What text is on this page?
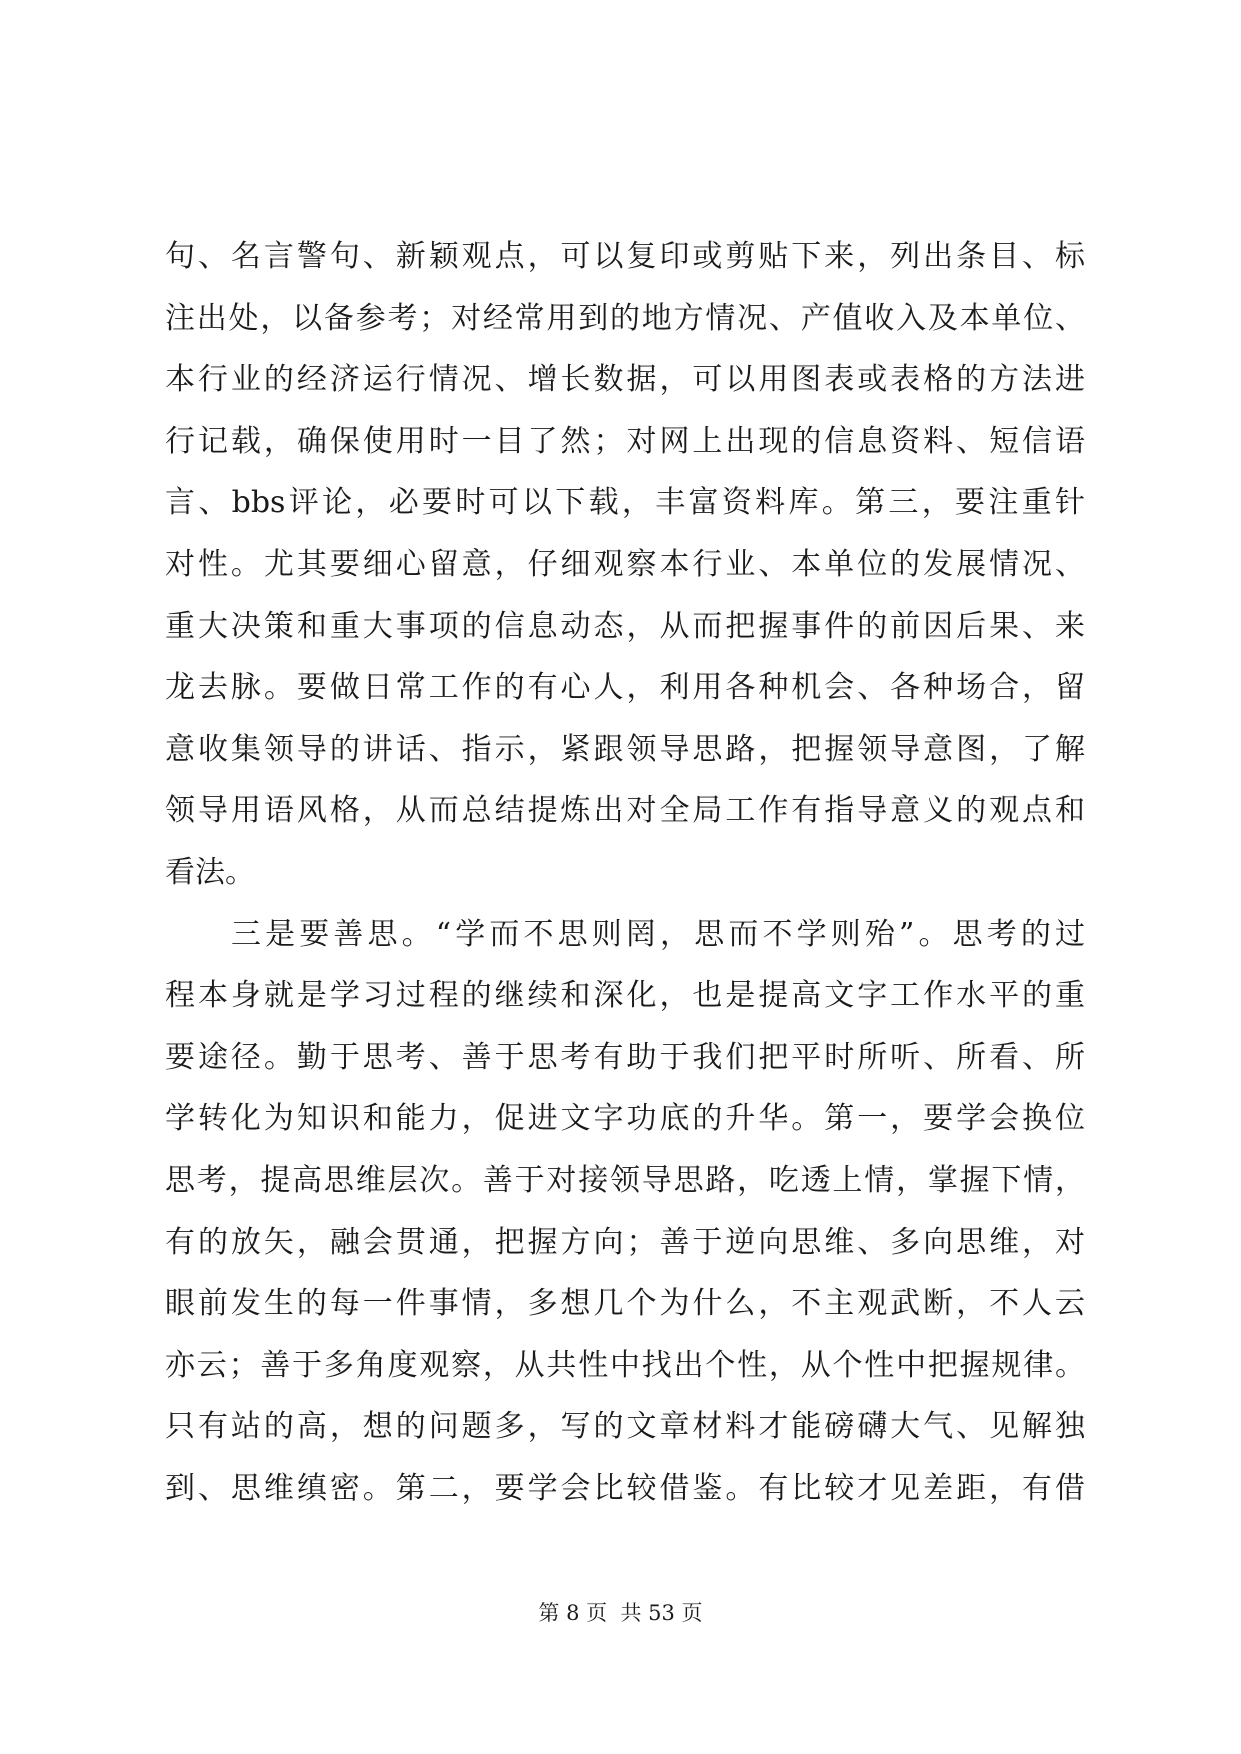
句、名言警句、新颖观点，可以复印或剪贴下来，列出条目、标
注出处，以备参考；对经常用到的地方情况、产值收入及本单位、
本行业的经济运行情况、增长数据，可以用图表或表格的方法进
行记载，确保使用时一目了然；对网上出现的信息资料、短信语
言、bbs评论，必要时可以下载，丰富资料库。第三，要注重针
对性。尤其要细心留意，仔细观察本行业、本单位的发展情况、
重大决策和重大事项的信息动态，从而把握事件的前因后果、来
龙去脉。要做日常工作的有心人，利用各种机会、各种场合，留
意收集领导的讲话、指示，紧跟领导思路，把握领导意图，了解
领导用语风格，从而总结提炼出对全局工作有指导意义的观点和
看法。
三是要善思。“学而不思则罔，思而不学则殆”。思考的过
程本身就是学习过程的继续和深化，也是提高文字工作水平的重
要途径。勤于思考、善于思考有助于我们把平时所听、所看、所
学转化为知识和能力，促进文字功底的升华。第一，要学会换位
思考，提高思维层次。善于对接领导思路，吃透上情，掌握下情，
有的放矢，融会贯通，把握方向；善于逆向思维、多向思维，对
眼前发生的每一件事情，多想几个为什么，不主观武断，不人云
亦云；善于多角度观察，从共性中找出个性，从个性中把握规律。
只有站的高，想的问题多，写的文章材料才能磅礴大气、见解独
到、思维缜密。第二，要学会比较借鉴。有比较才见差距，有借
第 8 页  共 53 页
